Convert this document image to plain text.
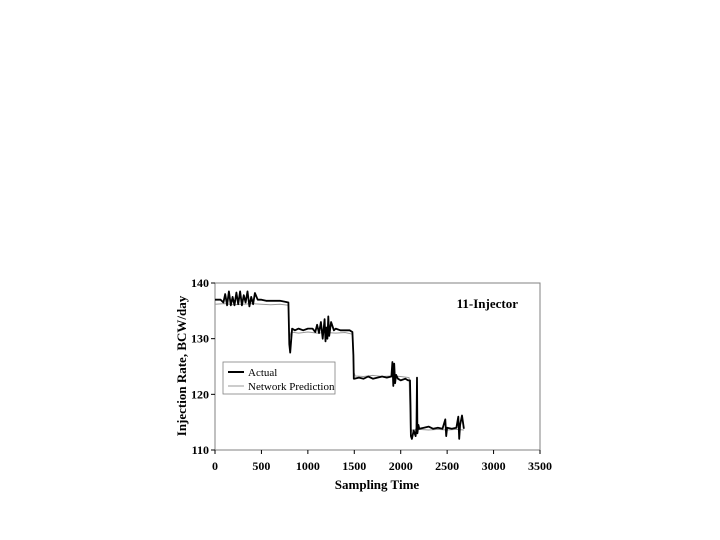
0	500 1000 1500 2000 2500 3000 3500
110
120
130
140
11-Injector
Sampling Time
Injection Rate, BCW/day	Actual
Network Prediction
